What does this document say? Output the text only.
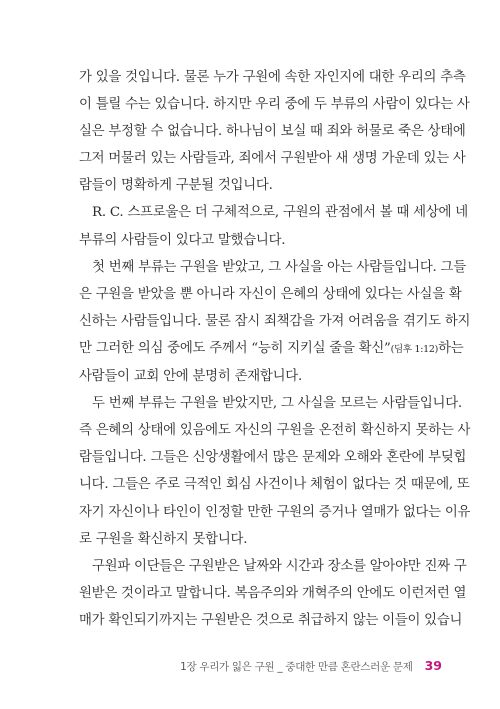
가 있을 것입니다. 물론 누가 구원에 속한 자인지에 대한 우리의 추측
이 틀릴 수는 있습니다. 하지만 우리 중에 두 부류의 사람이 있다는 사
실은 부정할 수 없습니다. 하나님이 보실 때 죄와 허물로 죽은 상태에
그저 머물러 있는 사람들과, 죄에서 구원받아 새 생명 가운데 있는 사
람들이 명확하게 구분될 것입니다.

R. C. 스프로울은 더 구체적으로, 구원의 관점에서 볼 때 세상에 네
부류의 사람들이 있다고 말했습니다.

첫 번째 부류는 구원을 받았고, 그 사실을 아는 사람들입니다. 그들
은 구원을 받았을 뿐 아니라 자신이 은혜의 상태에 있다는 사실을 확
신하는 사람들입니다. 물론 잠시 죄책감을 가져 어려움을 겪기도 하지
만 그러한 의심 중에도 주께서 “능히 지키실 줄을 확신”(딤후 1:12)하는
사람들이 교회 안에 분명히 존재합니다.

두 번째 부류는 구원을 받았지만, 그 사실을 모르는 사람들입니다.
즉 은혜의 상태에 있음에도 자신의 구원을 온전히 확신하지 못하는 사
람들입니다. 그들은 신앙생활에서 많은 문제와 오해와 혼란에 부딪힙
니다. 그들은 주로 극적인 회심 사건이나 체험이 없다는 것 때문에, 또
자기 자신이나 타인이 인정할 만한 구원의 증거나 열매가 없다는 이유
로 구원을 확신하지 못합니다.

구원파 이단들은 구원받은 날짜와 시간과 장소를 알아야만 진짜 구
원받은 것이라고 말합니다. 복음주의와 개혁주의 안에도 이런저런 열
매가 확인되기까지는 구원받은 것으로 취급하지 않는 이들이 있습니

1장 우리가 잃은 구원 _ 중대한 만큼 혼란스러운 문제 39
